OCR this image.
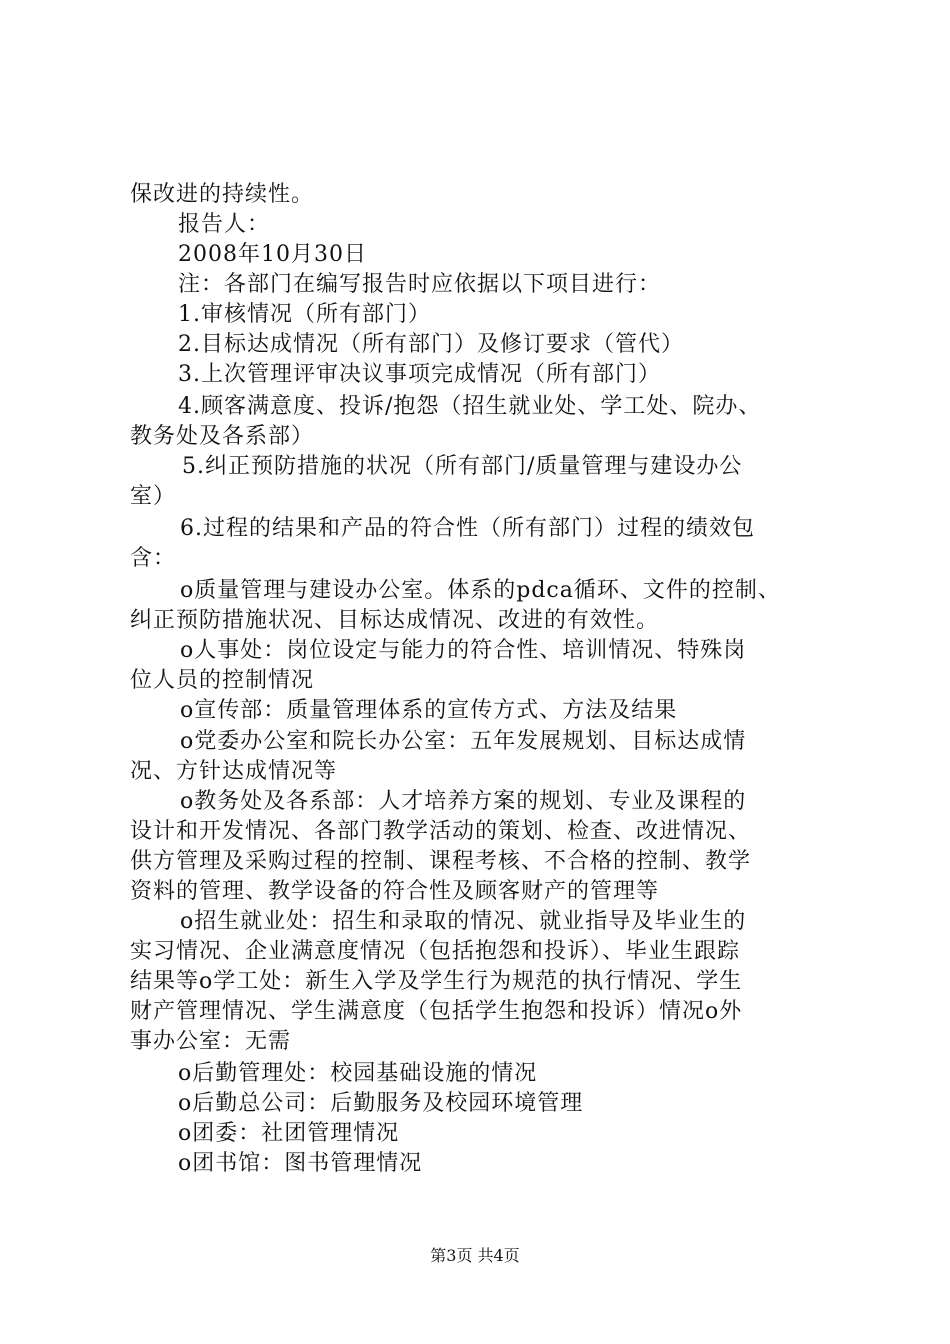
保改进的持续性。
报告人：
2008年10月30日
注：各部门在编写报告时应依据以下项目进行：
1.审核情况（所有部门）
2.目标达成情况（所有部门）及修订要求（管代）
3.上次管理评审决议事项完成情况（所有部门）
4.顾客满意度、投诉/抱怨（招生就业处、学工处、院办、
教务处及各系部）
5.纠正预防措施的状况（所有部门/质量管理与建设办公
室）
6.过程的结果和产品的符合性（所有部门）过程的绩效包
含：
o质量管理与建设办公室。体系的pdca循环、文件的控制、
纠正预防措施状况、目标达成情况、改进的有效性。
o人事处：岗位设定与能力的符合性、培训情况、特殊岗
位人员的控制情况
o宣传部：质量管理体系的宣传方式、方法及结果
o党委办公室和院长办公室：五年发展规划、目标达成情
况、方针达成情况等
o教务处及各系部：人才培养方案的规划、专业及课程的
设计和开发情况、各部门教学活动的策划、检查、改进情况、
供方管理及采购过程的控制、课程考核、不合格的控制、教学
资料的管理、教学设备的符合性及顾客财产的管理等
o招生就业处：招生和录取的情况、就业指导及毕业生的
实习情况、企业满意度情况（包括抱怨和投诉）、毕业生跟踪
结果等o学工处：新生入学及学生行为规范的执行情况、学生
财产管理情况、学生满意度（包括学生抱怨和投诉）情况o外
事办公室：无需
o后勤管理处：校园基础设施的情况
o后勤总公司：后勤服务及校园环境管理
o团委：社团管理情况
o团书馆：图书管理情况
第3页 共4页
